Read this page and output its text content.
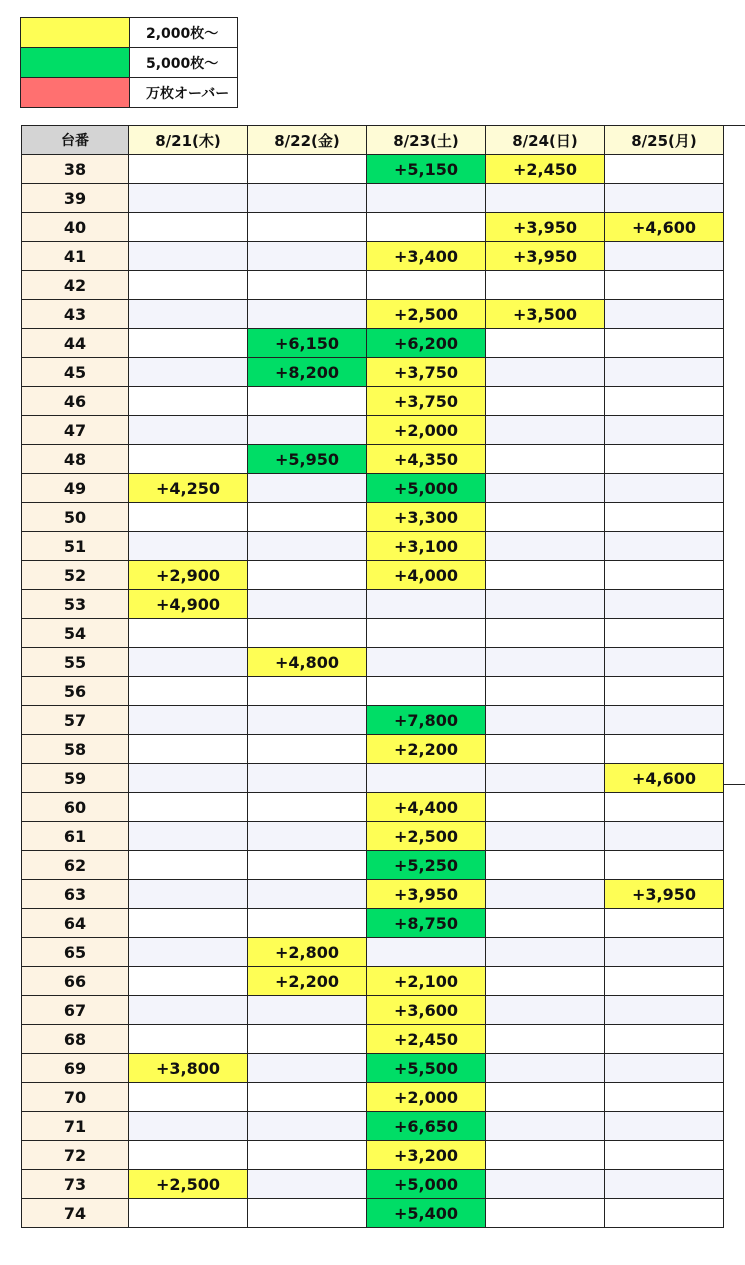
	2,000枚～
	5,000枚～
	万枚オーバー
台番	8/21(木)	8/22(金)	8/23(土)	8/24(日)	8/25(月)
38			+5,150	+2,450	
39					
40				+3,950	+4,600
41			+3,400	+3,950	
42					
43			+2,500	+3,500	
44		+6,150	+6,200		
45		+8,200	+3,750		
46			+3,750		
47			+2,000		
48		+5,950	+4,350		
49	+4,250		+5,000		
50			+3,300		
51			+3,100		
52	+2,900		+4,000		
53	+4,900				
54					
55		+4,800			
56					
57			+7,800		
58			+2,200		
59					+4,600
60			+4,400		
61			+2,500		
62			+5,250		
63			+3,950		+3,950
64			+8,750		
65		+2,800			
66		+2,200	+2,100		
67			+3,600		
68			+2,450		
69	+3,800		+5,500		
70			+2,000		
71			+6,650		
72			+3,200		
73	+2,500		+5,000		
74			+5,400		
